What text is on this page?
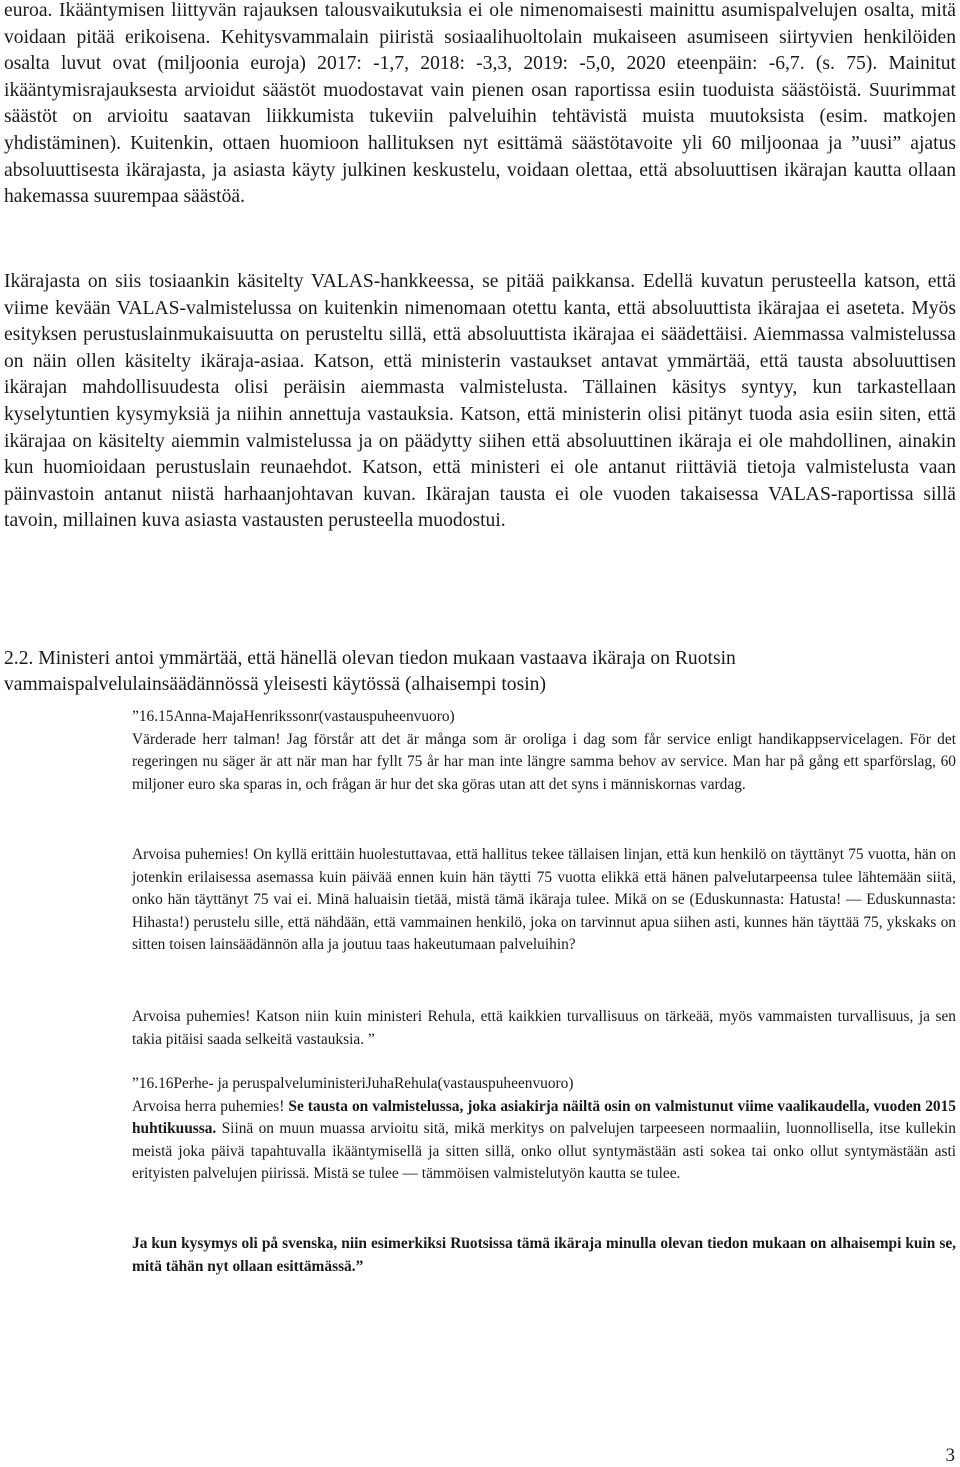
euroa. Ikääntymisen liittyvän rajauksen talousvaikutuksia ei ole nimenomaisesti mainittu asumispalvelujen osalta, mitä voidaan pitää erikoisena. Kehitysvammalain piiristä sosiaalihuoltolain mukaiseen asumiseen siirtyvien henkilöiden osalta luvut ovat (miljoonia euroja) 2017: -1,7, 2018: -3,3, 2019: -5,0, 2020 eteenpäin: -6,7. (s. 75). Mainitut ikääntymisrajauksesta arvioidut säästöt muodostavat vain pienen osan raportissa esiin tuoduista säästöistä. Suurimmat säästöt on arvioitu saatavan liikkumista tukeviin palveluihin tehtävistä muista muutoksista (esim. matkojen yhdistäminen). Kuitenkin, ottaen huomioon hallituksen nyt esittämä säästötavoite yli 60 miljoonaa ja ”uusi” ajatus absoluuttisesta ikärajasta, ja asiasta käyty julkinen keskustelu, voidaan olettaa, että absoluuttisen ikärajan kautta ollaan hakemassa suurempaa säästöä.

Ikärajasta on siis tosiaankin käsitelty VALAS-hankkeessa, se pitää paikkansa. Edellä kuvatun perusteella katson, että viime kevään VALAS-valmistelussa on kuitenkin nimenomaan otettu kanta, että absoluuttista ikärajaa ei aseteta. Myös esityksen perustuslainmukaisuutta on perusteltu sillä, että absoluuttista ikärajaa ei säädettäisi. Aiemmassa valmistelussa on näin ollen käsitelty ikäraja-asiaa. Katson, että ministerin vastaukset antavat ymmärtää, että tausta absoluuttisen ikärajan mahdollisuudesta olisi peräisin aiemmasta valmistelusta. Tällainen käsitys syntyy, kun tarkastellaan kyselytuntien kysymyksiä ja niihin annettuja vastauksia. Katson, että ministerin olisi pitänyt tuoda asia esiin siten, että ikärajaa on käsitelty aiemmin valmistelussa ja on päädytty siihen että absoluuttinen ikäraja ei ole mahdollinen, ainakin kun huomioidaan perustuslain reunaehdot. Katson, että ministeri ei ole antanut riittäviä tietoja valmistelusta vaan päinvastoin antanut niistä harhaanjohtavan kuvan. Ikärajan tausta ei ole vuoden takaisessa VALAS-raportissa sillä tavoin, millainen kuva asiasta vastausten perusteella muodostui.

2.2. Ministeri antoi ymmärtää, että hänellä olevan tiedon mukaan vastaava ikäraja on Ruotsin vammaispalvelulainsäädännössä yleisesti käytössä (alhaisempi tosin)

”16.15Anna-MajaHenrikssonr(vastauspuheenvuoro)
Värderade herr talman! Jag förstår att det är många som är oroliga i dag som får service enligt handikappservicelagen. För det regeringen nu säger är att när man har fyllt 75 år har man inte längre samma behov av service. Man har på gång ett sparförslag, 60 miljoner euro ska sparas in, och frågan är hur det ska göras utan att det syns i människornas vardag.

Arvoisa puhemies! On kyllä erittäin huolestuttavaa, että hallitus tekee tällaisen linjan, että kun henkilö on täyttänyt 75 vuotta, hän on jotenkin erilaisessa asemassa kuin päivää ennen kuin hän täytti 75 vuotta elikkä että hänen palvelutarpeensa tulee lähtemään siitä, onko hän täyttänyt 75 vai ei. Minä haluaisin tietää, mistä tämä ikäraja tulee. Mikä on se (Eduskunnasta: Hatusta! — Eduskunnasta: Hihasta!) perustelu sille, että nähdään, että vammainen henkilö, joka on tarvinnut apua siihen asti, kunnes hän täyttää 75, ykskaks on sitten toisen lainsäädännön alla ja joutuu taas hakeutumaan palveluihin?

Arvoisa puhemies! Katson niin kuin ministeri Rehula, että kaikkien turvallisuus on tärkeää, myös vammaisten turvallisuus, ja sen takia pitäisi saada selkeitä vastauksia. ”

”16.16Perhe- ja peruspalveluministeriJuhaRehula(vastauspuheenvuoro)
Arvoisa herra puhemies! Se tausta on valmistelussa, joka asiakirja näiltä osin on valmistunut viime vaalikaudella, vuoden 2015 huhtikuussa. Siinä on muun muassa arvioitu sitä, mikä merkitys on palvelujen tarpeeseen normaaliin, luonnollisella, itse kullekin meistä joka päivä tapahtuvalla ikääntymisellä ja sitten sillä, onko ollut syntymästään asti sokea tai onko ollut syntymästään asti erityisten palvelujen piirissä. Mistä se tulee — tämmöisen valmistelutyön kautta se tulee.

Ja kun kysymys oli på svenska, niin esimerkiksi Ruotsissa tämä ikäraja minulla olevan tiedon mukaan on alhaisempi kuin se, mitä tähän nyt ollaan esittämässä.”

3
